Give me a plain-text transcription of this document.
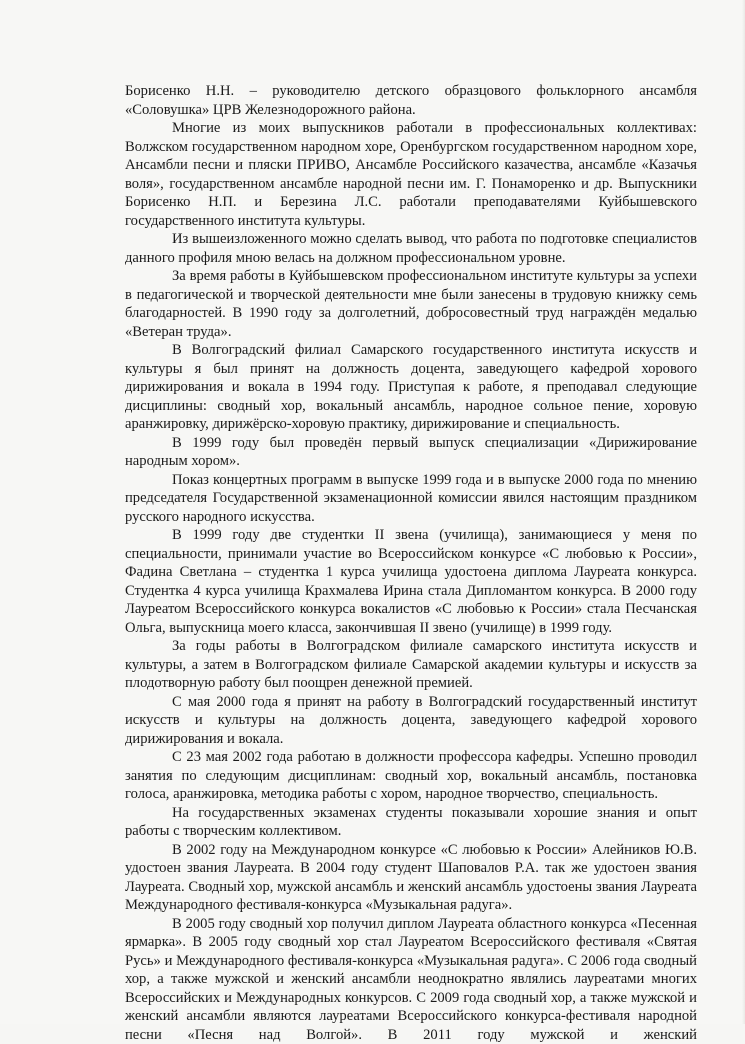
Борисенко Н.Н. – руководителю детского образцового фольклорного ансамбля «Соловушка» ЦРВ Железнодорожного района.

Многие из моих выпускников работали в профессиональных коллективах: Волжском государственном народном хоре, Оренбургском государственном народном хоре, Ансамбли песни и пляски ПРИВО, Ансамбле Российского казачества, ансамбле «Казачья воля», государственном ансамбле народной песни им. Г. Понаморенко и др. Выпускники Борисенко Н.П. и Березина Л.С. работали преподавателями Куйбышевского государственного института культуры.

Из вышеизложенного можно сделать вывод, что работа по подготовке специалистов данного профиля мною велась на должном профессиональном уровне.

За время работы в Куйбышевском профессиональном институте культуры за успехи в педагогической и творческой деятельности мне были занесены в трудовую книжку семь благодарностей. В 1990 году за долголетний, добросовестный труд награждён медалью «Ветеран труда».

В Волгоградский филиал Самарского государственного института искусств и культуры я был принят на должность доцента, заведующего кафедрой хорового дирижирования и вокала в 1994 году. Приступая к работе, я преподавал следующие дисциплины: сводный хор, вокальный ансамбль, народное сольное пение, хоровую аранжировку, дирижёрско-хоровую практику, дирижирование и специальность.

В 1999 году был проведён первый выпуск специализации «Дирижирование народным хором».

Показ концертных программ в выпуске 1999 года и в выпуске 2000 года по мнению председателя Государственной экзаменационной комиссии явился настоящим праздником русского народного искусства.

В 1999 году две студентки II звена (училища), занимающиеся у меня по специальности, принимали участие во Всероссийском конкурсе «С любовью к России», Фадина Светлана – студентка 1 курса училища удостоена диплома Лауреата конкурса. Студентка 4 курса училища Крахмалева Ирина стала Дипломантом конкурса. В 2000 году Лауреатом Всероссийского конкурса вокалистов «С любовью к России» стала Песчанская Ольга, выпускница моего класса, закончившая II звено (училище) в 1999 году.

За годы работы в Волгоградском филиале самарского института искусств и культуры, а затем в Волгоградском филиале Самарской академии культуры и искусств за плодотворную работу был поощрен денежной премией.

С мая 2000 года я принят на работу в Волгоградский государственный институт искусств и культуры на должность доцента, заведующего кафедрой хорового дирижирования и вокала.

С 23 мая 2002 года работаю в должности профессора кафедры. Успешно проводил занятия по следующим дисциплинам: сводный хор, вокальный ансамбль, постановка голоса, аранжировка, методика работы с хором, народное творчество, специальность.

На государственных экзаменах студенты показывали хорошие знания и опыт работы с творческим коллективом.

В 2002 году на Международном конкурсе «С любовью к России» Алейников Ю.В. удостоен звания Лауреата. В 2004 году студент Шаповалов Р.А. так же удостоен звания Лауреата. Сводный хор, мужской ансамбль и женский ансамбль удостоены звания Лауреата Международного фестиваля-конкурса «Музыкальная радуга».

В 2005 году сводный хор получил диплом Лауреата областного конкурса «Песенная ярмарка». В 2005 году сводный хор стал Лауреатом Всероссийского фестиваля «Святая Русь» и Международного фестиваля-конкурса «Музыкальная радуга». С 2006 года сводный хор, а также мужской и женский ансамбли неоднократно являлись лауреатами многих Всероссийских и Международных конкурсов. С 2009 года сводный хор, а также мужской и женский ансамбли являются лауреатами Всероссийского конкурса-фестиваля народной песни «Песня над Волгой». В 2011 году мужской и женский
